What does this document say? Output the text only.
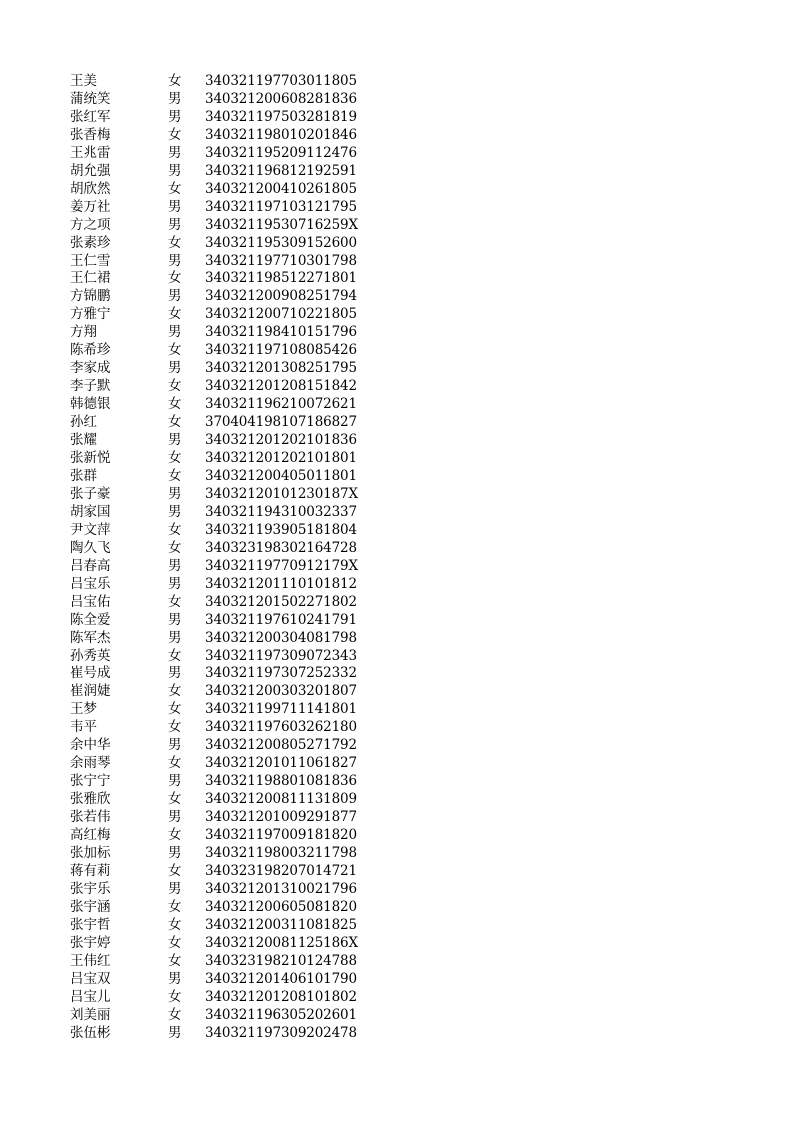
王美	女 340321197703011805
蒲统笑	男 340321200608281836
张红军	男 340321197503281819
张香梅	女 340321198010201846
王兆雷	男 340321195209112476
胡允强	男 340321196812192591
胡欣然	女 340321200410261805
姜万社	男 340321197103121795
方之项	男 34032119530716259X
张素珍	女 340321195309152600
王仁雪	男 340321197710301798
王仁裙	女 340321198512271801
方锦鹏	男 340321200908251794
方雅宁	女 340321200710221805
方翔	男 340321198410151796
陈希珍	女 340321197108085426
李家成	男 340321201308251795
李子默	女 340321201208151842
韩德银	女 340321196210072621
孙红	女 370404198107186827
张耀	男 340321201202101836
张新悦	女 340321201202101801
张群	女 340321200405011801
张子豪	男 34032120101230187X
胡家国	男 340321194310032337
尹文萍	女 340321193905181804
陶久飞	女 340323198302164728
吕春高	男 34032119770912179X
吕宝乐	男 340321201110101812
吕宝佑	女 340321201502271802
陈全爱	男 340321197610241791
陈军杰	男 340321200304081798
孙秀英	女 340321197309072343
崔号成	男 340321197307252332
崔润婕	女 340321200303201807
王梦	女 340321199711141801
韦平	女 340321197603262180
余中华	男 340321200805271792
余雨琴	女 340321201011061827
张宁宁	男 340321198801081836
张雅欣	女 340321200811131809
张若伟	男 340321201009291877
高红梅	女 340321197009181820
张加标	男 340321198003211798
蒋有莉	女 340323198207014721
张宇乐	男 340321201310021796
张宇涵	女 340321200605081820
张宇哲	女 340321200311081825
张宇婷	女 34032120081125186X
王伟红	女 340323198210124788
吕宝双	男 340321201406101790
吕宝儿	女 340321201208101802
刘美丽	女 340321196305202601
张伍彬	男 340321197309202478
